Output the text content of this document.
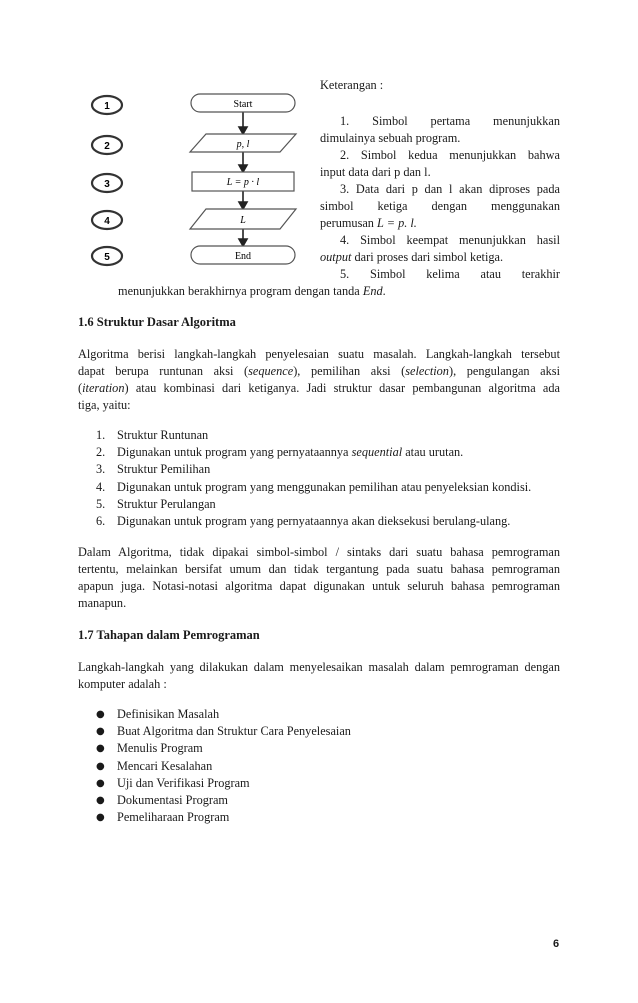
1
2
3
4
5
Start
p, l
L = p · l
L
End
Keterangan :
1. Simbol pertama menunjukkan
dimulainya sebuah program.
2. Simbol kedua menunjukkan bahwa
input data dari p dan l.
3. Data dari p dan l akan diproses pada
simbol ketiga dengan menggunakan
perumusan L = p. l.
4. Simbol keempat menunjukkan hasil
output dari proses dari simbol ketiga.
5. Simbol kelima atau terakhir
menunjukkan berakhirnya program dengan tanda End.
1.6 Struktur Dasar Algoritma
Algoritma berisi langkah-langkah penyelesaian suatu masalah. Langkah-langkah tersebut
dapat berupa runtunan aksi (sequence), pemilihan aksi (selection), pengulangan aksi
(iteration) atau kombinasi dari ketiganya. Jadi struktur dasar pembangunan algoritma ada
tiga, yaitu:
1. Struktur Runtunan
2. Digunakan untuk program yang pernyataannya sequential atau urutan.
3. Struktur Pemilihan
4. Digunakan untuk program yang menggunakan pemilihan atau penyeleksian kondisi.
5. Struktur Perulangan
6. Digunakan untuk program yang pernyataannya akan dieksekusi berulang-ulang.
Dalam Algoritma, tidak dipakai simbol-simbol / sintaks dari suatu bahasa pemrograman
tertentu, melainkan bersifat umum dan tidak tergantung pada suatu bahasa pemrograman
apapun juga. Notasi-notasi algoritma dapat digunakan untuk seluruh bahasa pemrograman
manapun.
1.7 Tahapan dalam Pemrograman
Langkah-langkah yang dilakukan dalam menyelesaikan masalah dalam pemrograman dengan
komputer adalah :
● Definisikan Masalah
● Buat Algoritma dan Struktur Cara Penyelesaian
● Menulis Program
● Mencari Kesalahan
● Uji dan Verifikasi Program
● Dokumentasi Program
● Pemeliharaan Program
6
